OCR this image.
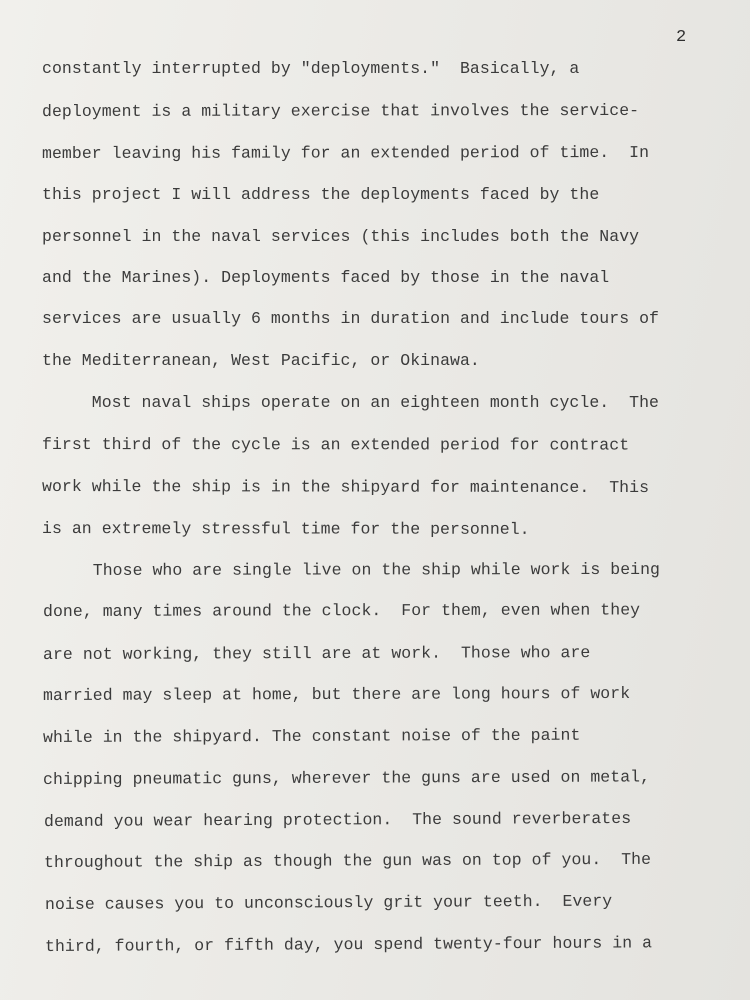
2
constantly interrupted by "deployments."  Basically, a
deployment is a military exercise that involves the service-
member leaving his family for an extended period of time.  In
this project I will address the deployments faced by the
personnel in the naval services (this includes both the Navy
and the Marines). Deployments faced by those in the naval
services are usually 6 months in duration and include tours of
the Mediterranean, West Pacific, or Okinawa.
Most naval ships operate on an eighteen month cycle.  The
first third of the cycle is an extended period for contract
work while the ship is in the shipyard for maintenance.  This
is an extremely stressful time for the personnel.
Those who are single live on the ship while work is being
done, many times around the clock.  For them, even when they
are not working, they still are at work.  Those who are
married may sleep at home, but there are long hours of work
while in the shipyard. The constant noise of the paint
chipping pneumatic guns, wherever the guns are used on metal,
demand you wear hearing protection.  The sound reverberates
throughout the ship as though the gun was on top of you.  The
noise causes you to unconsciously grit your teeth.  Every
third, fourth, or fifth day, you spend twenty-four hours in a
